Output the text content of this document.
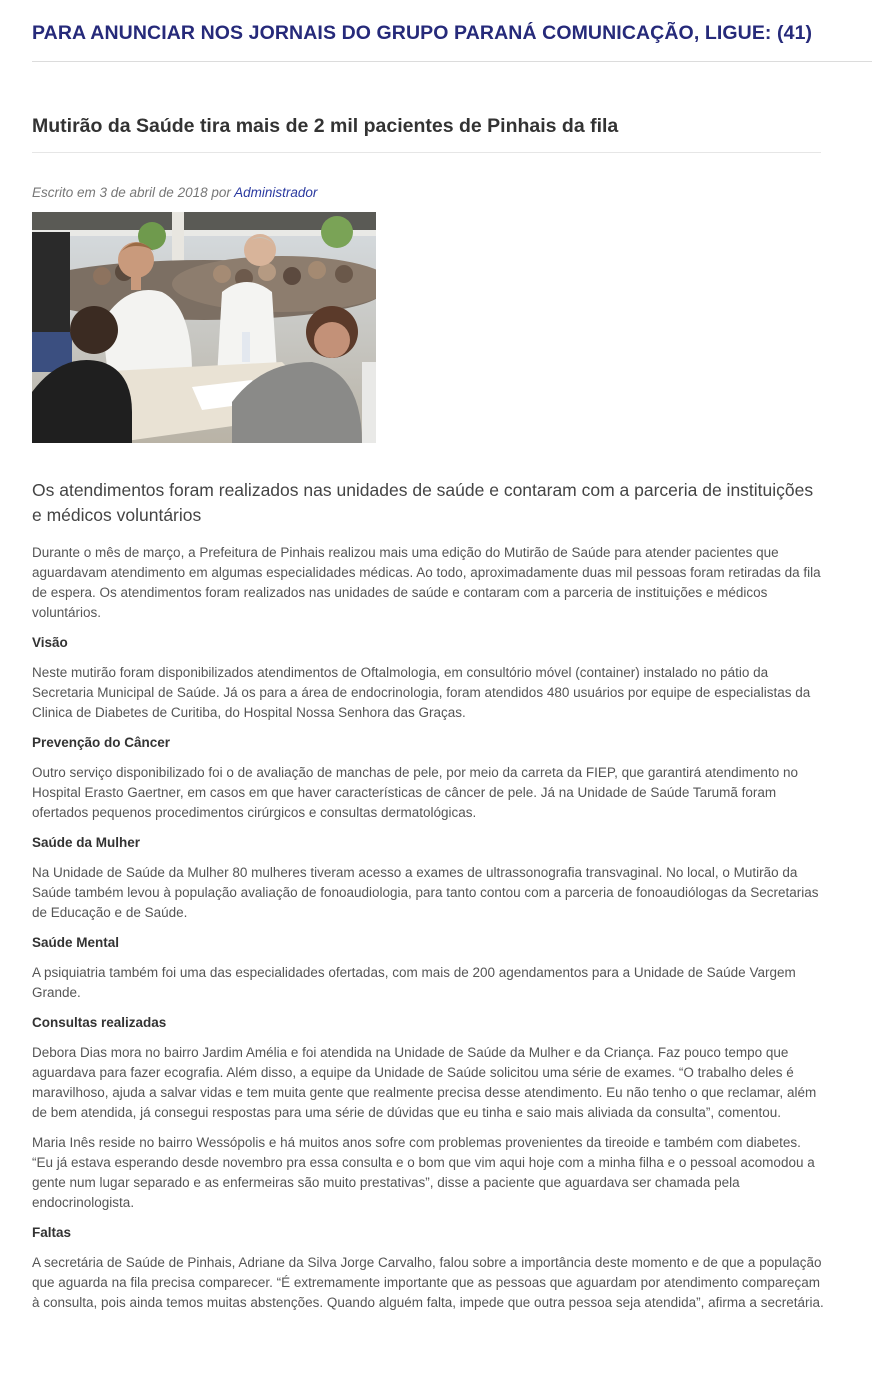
PARA ANUNCIAR NOS JORNAIS DO GRUPO PARANÁ COMUNICAÇÃO, LIGUE: (41)
Mutirão da Saúde tira mais de 2 mil pacientes de Pinhais da fila
Escrito em 3 de abril de 2018 por Administrador
Os atendimentos foram realizados nas unidades de saúde e contaram com a parceria de instituições e médicos voluntários

Durante o mês de março, a Prefeitura de Pinhais realizou mais uma edição do Mutirão de Saúde para atender pacientes que aguardavam atendimento em algumas especialidades médicas. Ao todo, aproximadamente duas mil pessoas foram retiradas da fila de espera. Os atendimentos foram realizados nas unidades de saúde e contaram com a parceria de instituições e médicos voluntários.

Visão

Neste mutirão foram disponibilizados atendimentos de Oftalmologia, em consultório móvel (container) instalado no pátio da Secretaria Municipal de Saúde. Já os para a área de endocrinologia, foram atendidos 480 usuários por equipe de especialistas da Clinica de Diabetes de Curitiba, do Hospital Nossa Senhora das Graças.

Prevenção do Câncer

Outro serviço disponibilizado foi o de avaliação de manchas de pele, por meio da carreta da FIEP, que garantirá atendimento no Hospital Erasto Gaertner, em casos em que haver características de câncer de pele. Já na Unidade de Saúde Tarumã foram ofertados pequenos procedimentos cirúrgicos e consultas dermatológicas.

Saúde da Mulher

Na Unidade de Saúde da Mulher 80 mulheres tiveram acesso a exames de ultrassonografia transvaginal. No local, o Mutirão da Saúde também levou à população avaliação de fonoaudiologia, para tanto contou com a parceria de fonoaudiólogas da Secretarias de Educação e de Saúde.

Saúde Mental

A psiquiatria também foi uma das especialidades ofertadas, com mais de 200 agendamentos para a Unidade de Saúde Vargem Grande.

Consultas realizadas

Debora Dias mora no bairro Jardim Amélia e foi atendida na Unidade de Saúde da Mulher e da Criança. Faz pouco tempo que aguardava para fazer ecografia. Além disso, a equipe da Unidade de Saúde solicitou uma série de exames. “O trabalho deles é maravilhoso, ajuda a salvar vidas e tem muita gente que realmente precisa desse atendimento. Eu não tenho o que reclamar, além de bem atendida, já consegui respostas para uma série de dúvidas que eu tinha e saio mais aliviada da consulta”, comentou.

Maria Inês reside no bairro Wessópolis e há muitos anos sofre com problemas provenientes da tireoide e também com diabetes. “Eu já estava esperando desde novembro pra essa consulta e o bom que vim aqui hoje com a minha filha e o pessoal acomodou a gente num lugar separado e as enfermeiras são muito prestativas”, disse a paciente que aguardava ser chamada pela endocrinologista.

Faltas

A secretária de Saúde de Pinhais, Adriane da Silva Jorge Carvalho, falou sobre a importância deste momento e de que a população que aguarda na fila precisa comparecer. “É extremamente importante que as pessoas que aguardam por atendimento compareçam à consulta, pois ainda temos muitas abstenções. Quando alguém falta, impede que outra pessoa seja atendida”, afirma a secretária.
